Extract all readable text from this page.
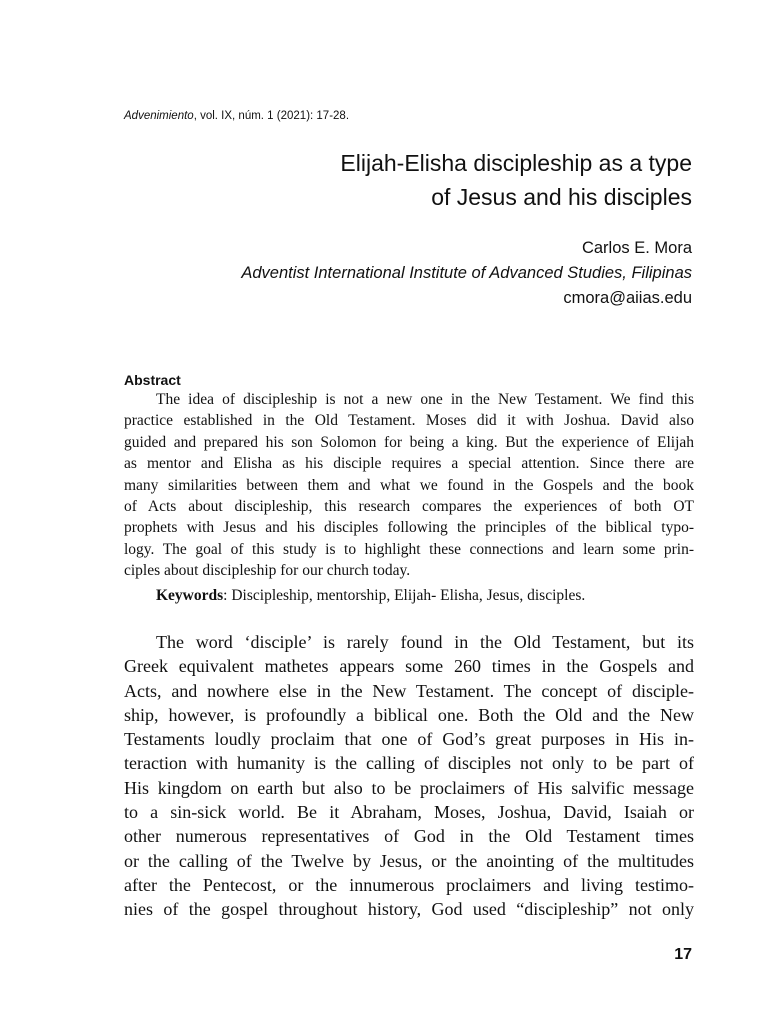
Advenimiento, vol. IX, núm. 1 (2021): 17-28.
Elijah-Elisha discipleship as a type
of Jesus and his disciples
Carlos E. Mora
Adventist International Institute of Advanced Studies, Filipinas
cmora@aiias.edu
Abstract
The idea of discipleship is not a new one in the New Testament. We find this
practice established in the Old Testament. Moses did it with Joshua. David also
guided and prepared his son Solomon for being a king. But the experience of Elijah
as mentor and Elisha as his disciple requires a special attention. Since there are
many similarities between them and what we found in the Gospels and the book
of Acts about discipleship, this research compares the experiences of both OT
prophets with Jesus and his disciples following the principles of the biblical typo-
logy. The goal of this study is to highlight these connections and learn some prin-
ciples about discipleship for our church today.
Keywords: Discipleship, mentorship, Elijah- Elisha, Jesus, disciples.
The word ‘disciple’ is rarely found in the Old Testament, but its
Greek equivalent mathetes appears some 260 times in the Gospels and
Acts, and nowhere else in the New Testament. The concept of disciple-
ship, however, is profoundly a biblical one. Both the Old and the New
Testaments loudly proclaim that one of God’s great purposes in His in-
teraction with humanity is the calling of disciples not only to be part of
His kingdom on earth but also to be proclaimers of His salvific message
to a sin-sick world. Be it Abraham, Moses, Joshua, David, Isaiah or
other numerous representatives of God in the Old Testament times
or the calling of the Twelve by Jesus, or the anointing of the multitudes
after the Pentecost, or the innumerous proclaimers and living testimo-
nies of the gospel throughout history, God used “discipleship” not only
17
